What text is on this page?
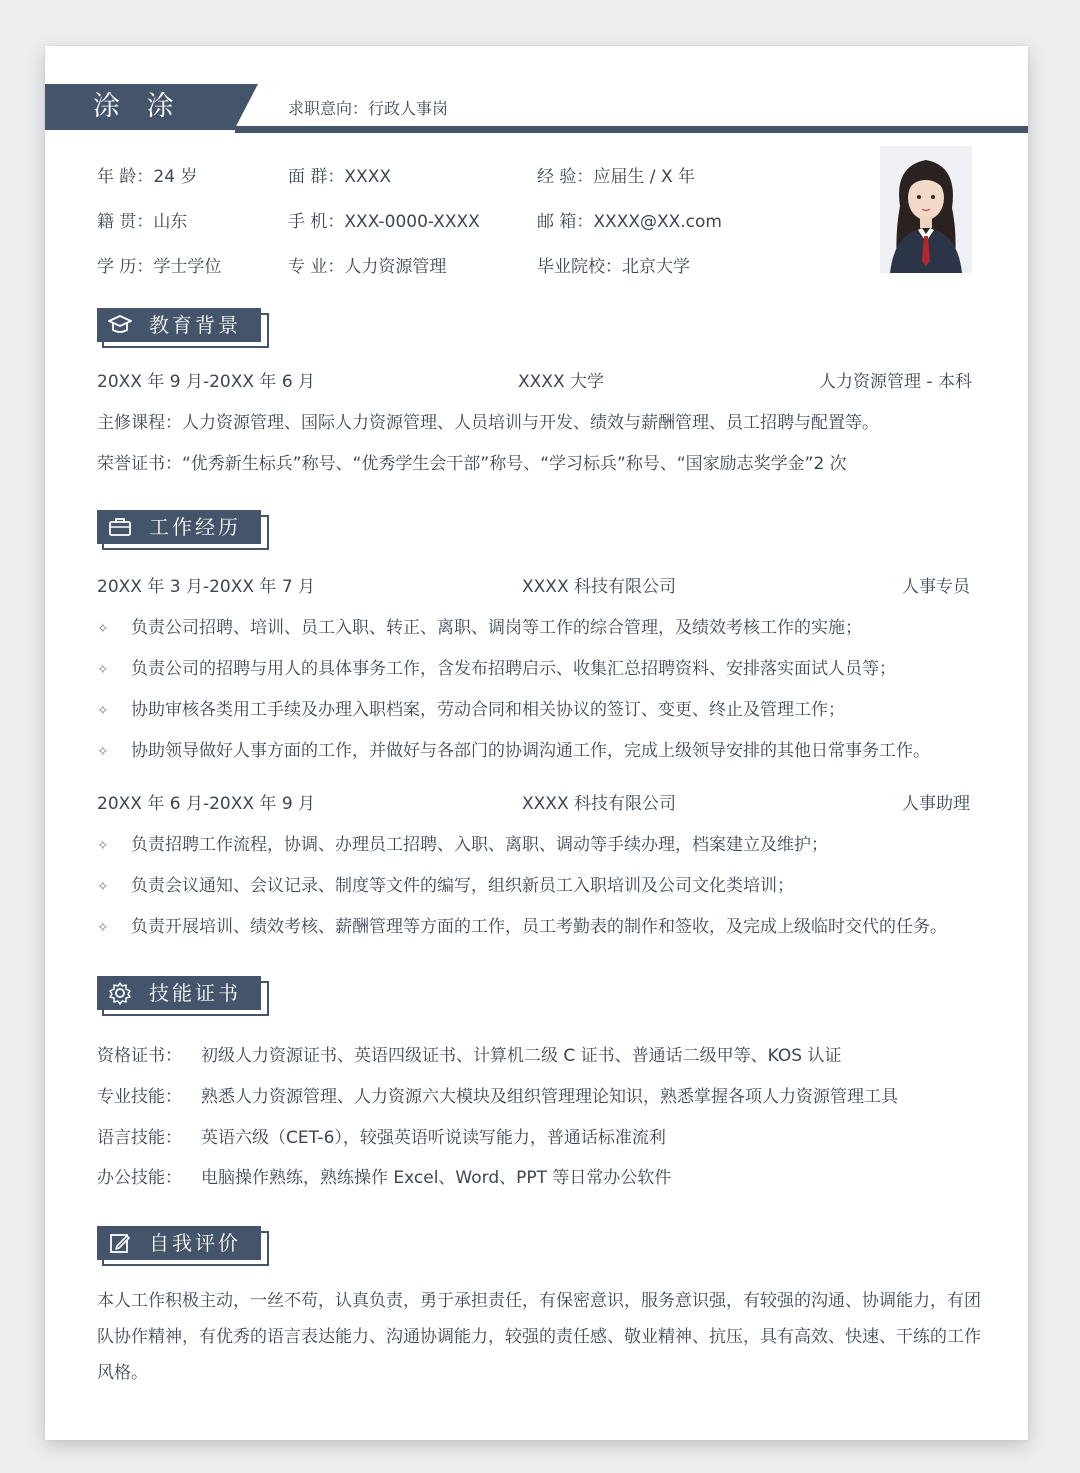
涂 涂	求职意向：行政人事岗
年 龄：24 岁	面 群：XXXX	经 验：应届生 / X 年
籍 贯：山东	手 机：XXX-0000-XXXX	邮 箱：XXXX@XX.com
学 历：学士学位	专 业：人力资源管理	毕业院校：北京大学
教育背景
20XX 年 9 月-20XX 年 6 月	XXXX 大学	人力资源管理 - 本科
主修课程：人力资源管理、国际人力资源管理、人员培训与开发、绩效与薪酬管理、员工招聘与配置等。
荣誉证书：“优秀新生标兵”称号、“优秀学生会干部”称号、“学习标兵”称号、“国家励志奖学金”2 次
工作经历
20XX 年 3 月-20XX 年 7 月	XXXX 科技有限公司	人事专员
✧ 负责公司招聘、培训、员工入职、转正、离职、调岗等工作的综合管理，及绩效考核工作的实施；
✧ 负责公司的招聘与用人的具体事务工作，含发布招聘启示、收集汇总招聘资料、安排落实面试人员等；
✧ 协助审核各类用工手续及办理入职档案，劳动合同和相关协议的签订、变更、终止及管理工作；
✧ 协助领导做好人事方面的工作，并做好与各部门的协调沟通工作，完成上级领导安排的其他日常事务工作。
20XX 年 6 月-20XX 年 9 月	XXXX 科技有限公司	人事助理
✧ 负责招聘工作流程，协调、办理员工招聘、入职、离职、调动等手续办理，档案建立及维护；
✧ 负责会议通知、会议记录、制度等文件的编写，组织新员工入职培训及公司文化类培训；
✧ 负责开展培训、绩效考核、薪酬管理等方面的工作，员工考勤表的制作和签收，及完成上级临时交代的任务。
技能证书
资格证书： 初级人力资源证书、英语四级证书、计算机二级 C 证书、普通话二级甲等、KOS 认证
专业技能： 熟悉人力资源管理、人力资源六大模块及组织管理理论知识，熟悉掌握各项人力资源管理工具
语言技能： 英语六级（CET-6），较强英语听说读写能力，普通话标准流利
办公技能： 电脑操作熟练，熟练操作 Excel、Word、PPT 等日常办公软件
自我评价
本人工作积极主动，一丝不苟，认真负责，勇于承担责任，有保密意识，服务意识强，有较强的沟通、协调能力，有团队协作精神，有优秀的语言表达能力、沟通协调能力，较强的责任感、敬业精神、抗压，具有高效、快速、干练的工作风格。
